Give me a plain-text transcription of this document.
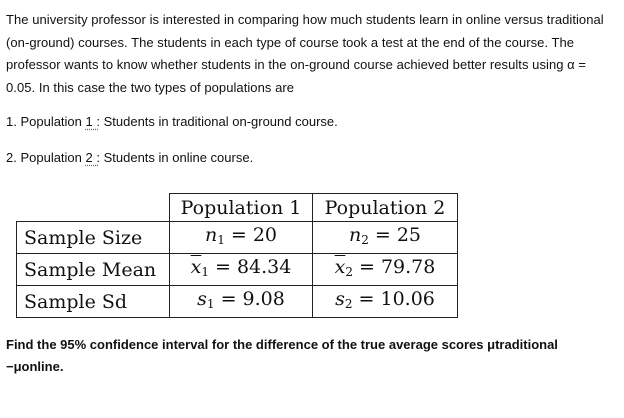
The university professor is interested in comparing how much students learn in online versus traditional (on-ground) courses. The students in each type of course took a test at the end of the course. The professor wants to know whether students in the on-ground course achieved better results using α = 0.05. In this case the two types of populations are
1. Population 1 : Students in traditional on-ground course.
2. Population 2 : Students in online course.
	Population 1	Population 2
Sample Size	$n_1 = 20$	$n_2 = 25$
Sample Mean	$\overline{x}_1 = 84.34$	$\overline{x}_2 = 79.78$
Sample Sd	$s_1 = 9.08$	$s_2 = 10.06$
Find the 95% confidence interval for the difference of the true average scores μtraditional −μonline.
